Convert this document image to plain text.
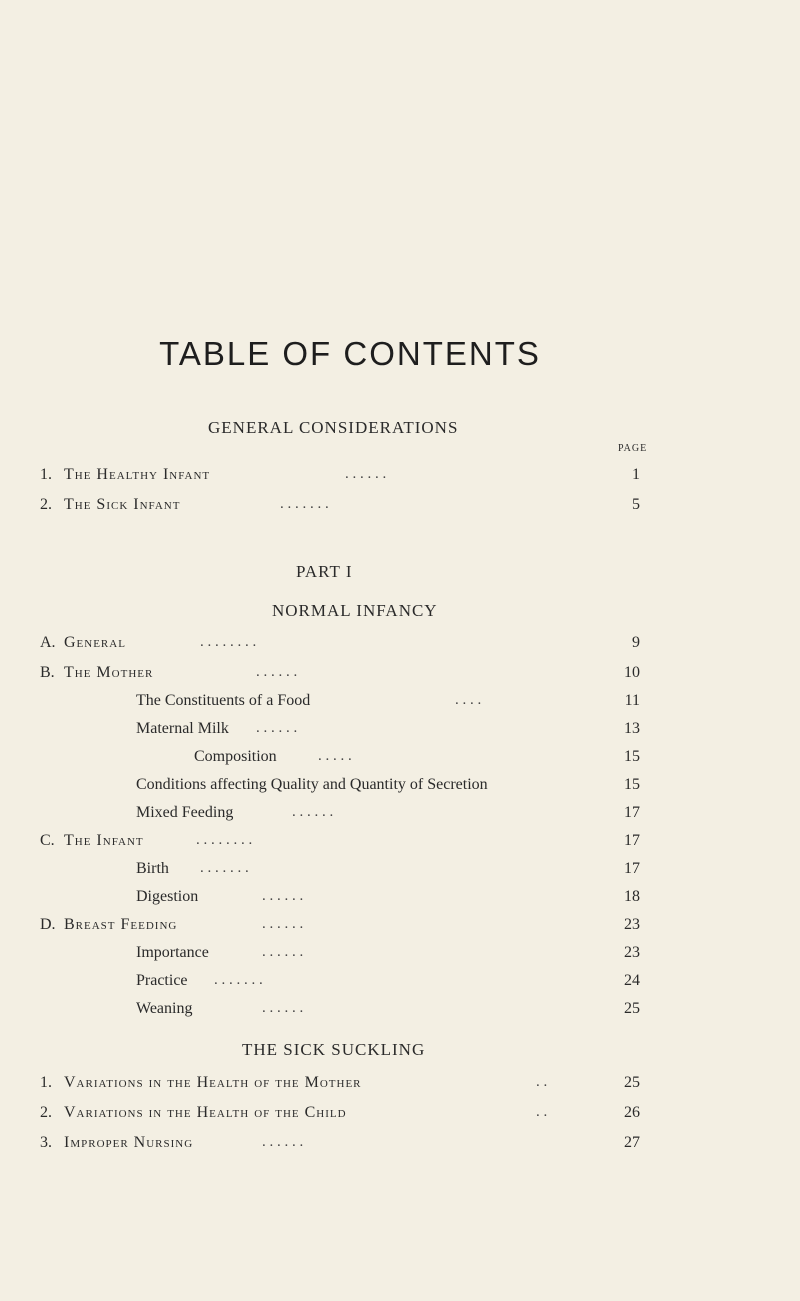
TABLE OF CONTENTS
GENERAL CONSIDERATIONS
PAGE
1. The Healthy Infant	. . . . . .	1
2. The Sick Infant	. . . . . . .	5
PART I
NORMAL INFANCY
A. General	. . . . . . . .	9
B. The Mother	. . . . . .	10
The Constituents of a Food	. . . .	11
Maternal Milk . . . . . .	13
Composition	. . . . .	15
Conditions affecting Quality and Quantity of Secretion	15
Mixed Feeding	. . . . . .	17
C. The Infant	. . . . . . . .	17
Birth . . . . . . .	17
Digestion	. . . . . .	18
D. Breast Feeding	. . . . . .	23
Importance	. . . . . .	23
Practice . . . . . . .	24
Weaning	. . . . . .	25
THE SICK SUCKLING
1. Variations in the Health of the Mother	. .	25
2. Variations in the Health of the Child	. .	26
3. Improper Nursing	. . . . . .	27
